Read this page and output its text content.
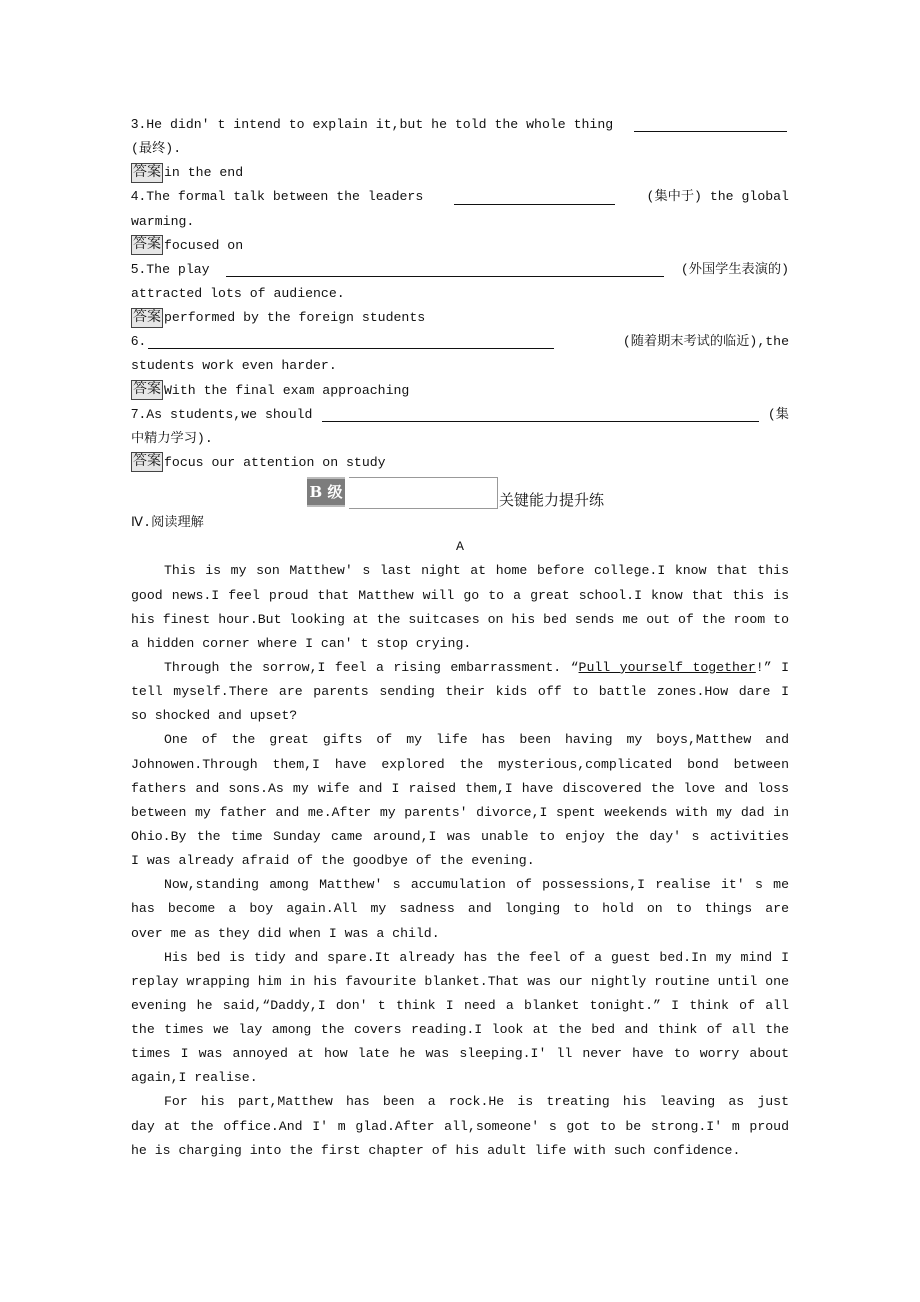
3.He didn' t intend to explain it,but he told the whole thing
(最终).
答案 in the end
4.The formal talk between the leaders	(集中于) the global
warming.
答案 focused on
5.The play	(外国学生表演的)
attracted lots of audience.
答案 performed by the foreign students
6.	(随着期末考试的临近),the
students work even harder.
答案 With the final exam approaching
7.As students,we should	(集
中精力学习).
答案 focus our attention on study
B 级
关键能力提升练
Ⅳ.阅读理解
A
This is my son Matthew' s last night at home before college.I know that this
good news.I feel proud that Matthew will go to a great school.I know that this is
his finest hour.But looking at the suitcases on his bed sends me out of the room to
a hidden corner where I can' t stop crying.
Through the sorrow,I feel a rising embarrassment. “Pull yourself together!” I
tell myself.There are parents sending their kids off to battle zones.How dare I
so shocked and upset?
One of the great gifts of my life has been having my boys,Matthew and
Johnowen.Through them,I have explored the mysterious,complicated bond between
fathers and sons.As my wife and I raised them,I have discovered the love and loss
between my father and me.After my parents' divorce,I spent weekends with my dad in
Ohio.By the time Sunday came around,I was unable to enjoy the day' s activities
I was already afraid of the goodbye of the evening.
Now,standing among Matthew' s accumulation of possessions,I realise it' s me
has become a boy again.All my sadness and longing to hold on to things are
over me as they did when I was a child.
His bed is tidy and spare.It already has the feel of a guest bed.In my mind I
replay wrapping him in his favourite blanket.That was our nightly routine until one
evening he said,“Daddy,I don' t think I need a blanket tonight.” I think of all
the times we lay among the covers reading.I look at the bed and think of all the
times I was annoyed at how late he was sleeping.I' ll never have to worry about
again,I realise.
For his part,Matthew has been a rock.He is treating his leaving as just
day at the office.And I' m glad.After all,someone' s got to be strong.I' m proud
he is charging into the first chapter of his adult life with such confidence.
